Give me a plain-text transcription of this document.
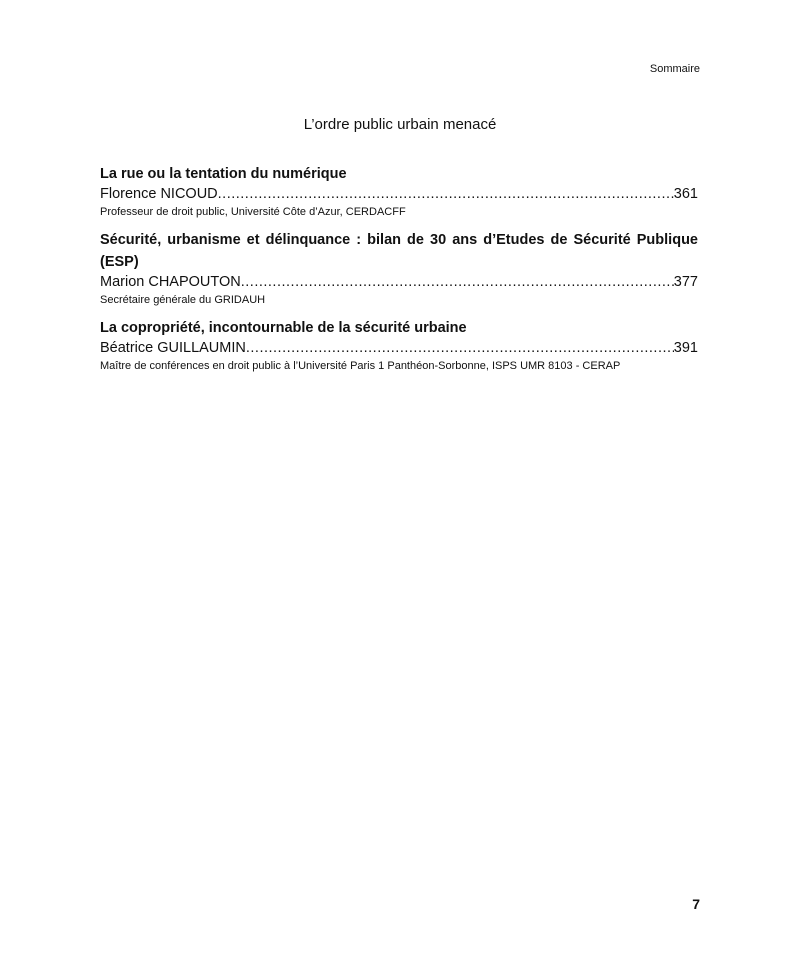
Sommaire
L’ordre public urbain menacé
La rue ou la tentation du numérique
Florence NICOUD .....	361
Professeur de droit public, Université Côte d’Azur, CERDACFF
Sécurité, urbanisme et délinquance : bilan de 30 ans d’Etudes de Sécurité Publique (ESP)
Marion CHAPOUTON .....	377
Secrétaire générale du GRIDAUH
La copropriété, incontournable de la sécurité urbaine
Béatrice GUILLAUMIN .....	391
Maître de conférences en droit public à l’Université Paris 1 Panthéon-Sorbonne, ISPS UMR 8103 - CERAP
7
